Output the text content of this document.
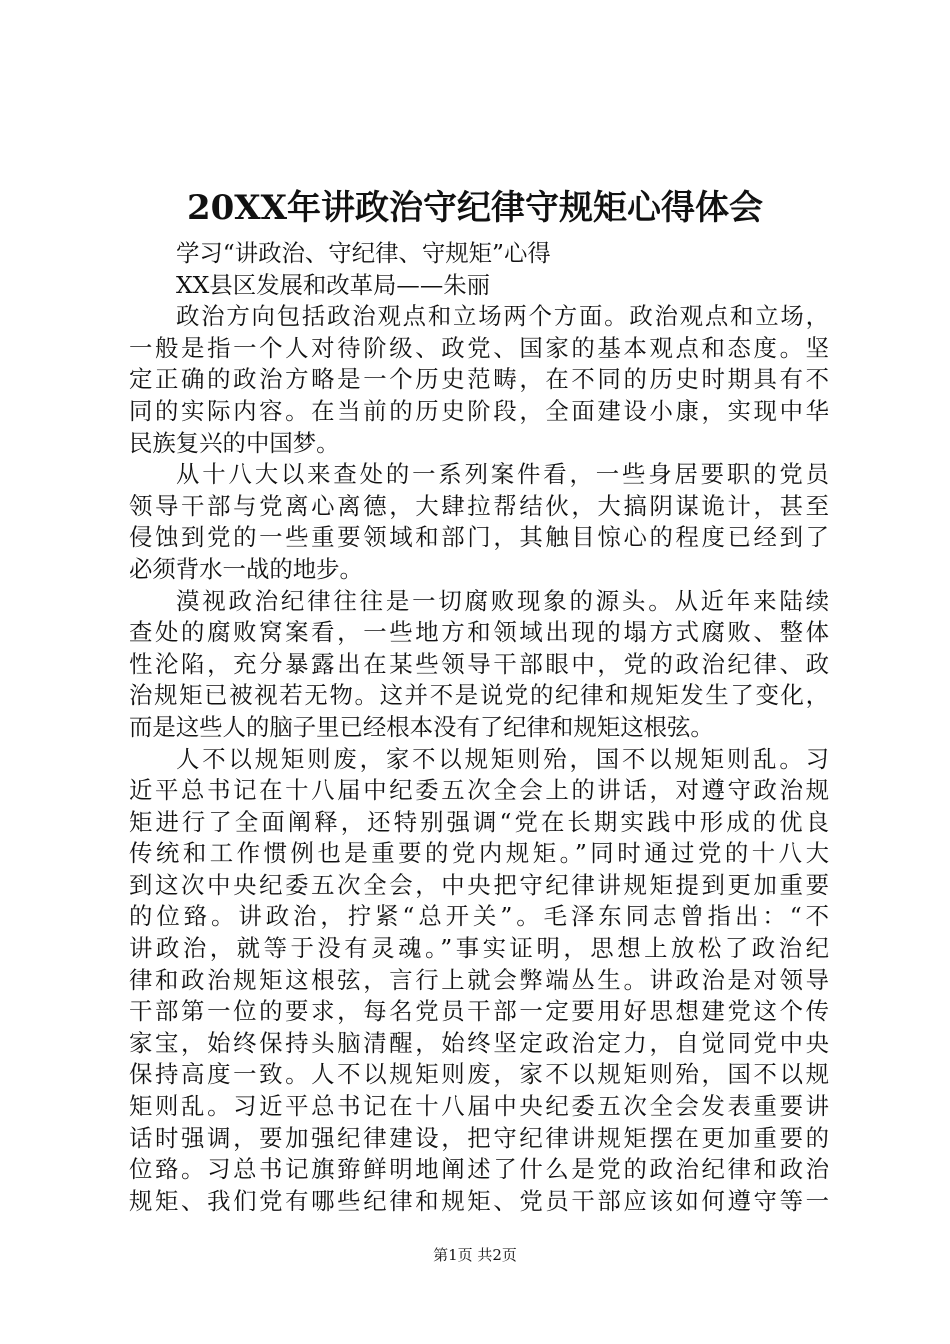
20XX年讲政治守纪律守规矩心得体会
学习“讲政治、守纪律、守规矩”心得
XX县区发展和改革局——朱丽
政治方向包括政治观点和立场两个方面。政治观点和立场，
一般是指一个人对待阶级、政党、国家的基本观点和态度。坚
定正确的政治方略是一个历史范畴，在不同的历史时期具有不
同的实际内容。在当前的历史阶段，全面建设小康，实现中华
民族复兴的中国梦。
从十八大以来查处的一系列案件看，一些身居要职的党员
领导干部与党离心离德，大肆拉帮结伙，大搞阴谋诡计，甚至
侵蚀到党的一些重要领域和部门，其触目惊心的程度已经到了
必须背水一战的地步。
漠视政治纪律往往是一切腐败现象的源头。从近年来陆续
查处的腐败窝案看，一些地方和领域出现的塌方式腐败、整体
性沦陷，充分暴露出在某些领导干部眼中，党的政治纪律、政
治规矩已被视若无物。这并不是说党的纪律和规矩发生了变化，
而是这些人的脑子里已经根本没有了纪律和规矩这根弦。
人不以规矩则废，家不以规矩则殆，国不以规矩则乱。习
近平总书记在十八届中纪委五次全会上的讲话，对遵守政治规
矩进行了全面阐释，还特别强调“党在长期实践中形成的优良
传统和工作惯例也是重要的党内规矩。”同时通过党的十八大
到这次中央纪委五次全会，中央把守纪律讲规矩提到更加重要
的位臵。讲政治，拧紧“总开关”。毛泽东同志曾指出：“不
讲政治，就等于没有灵魂。”事实证明，思想上放松了政治纪
律和政治规矩这根弦，言行上就会弊端丛生。讲政治是对领导
干部第一位的要求，每名党员干部一定要用好思想建党这个传
家宝，始终保持头脑清醒，始终坚定政治定力，自觉同党中央
保持高度一致。人不以规矩则废，家不以规矩则殆，国不以规
矩则乱。习近平总书记在十八届中央纪委五次全会发表重要讲
话时强调，要加强纪律建设，把守纪律讲规矩摆在更加重要的
位臵。习总书记旗臶鲜明地阐述了什么是党的政治纪律和政治
规矩、我们党有哪些纪律和规矩、党员干部应该如何遵守等一
第1页 共2页
